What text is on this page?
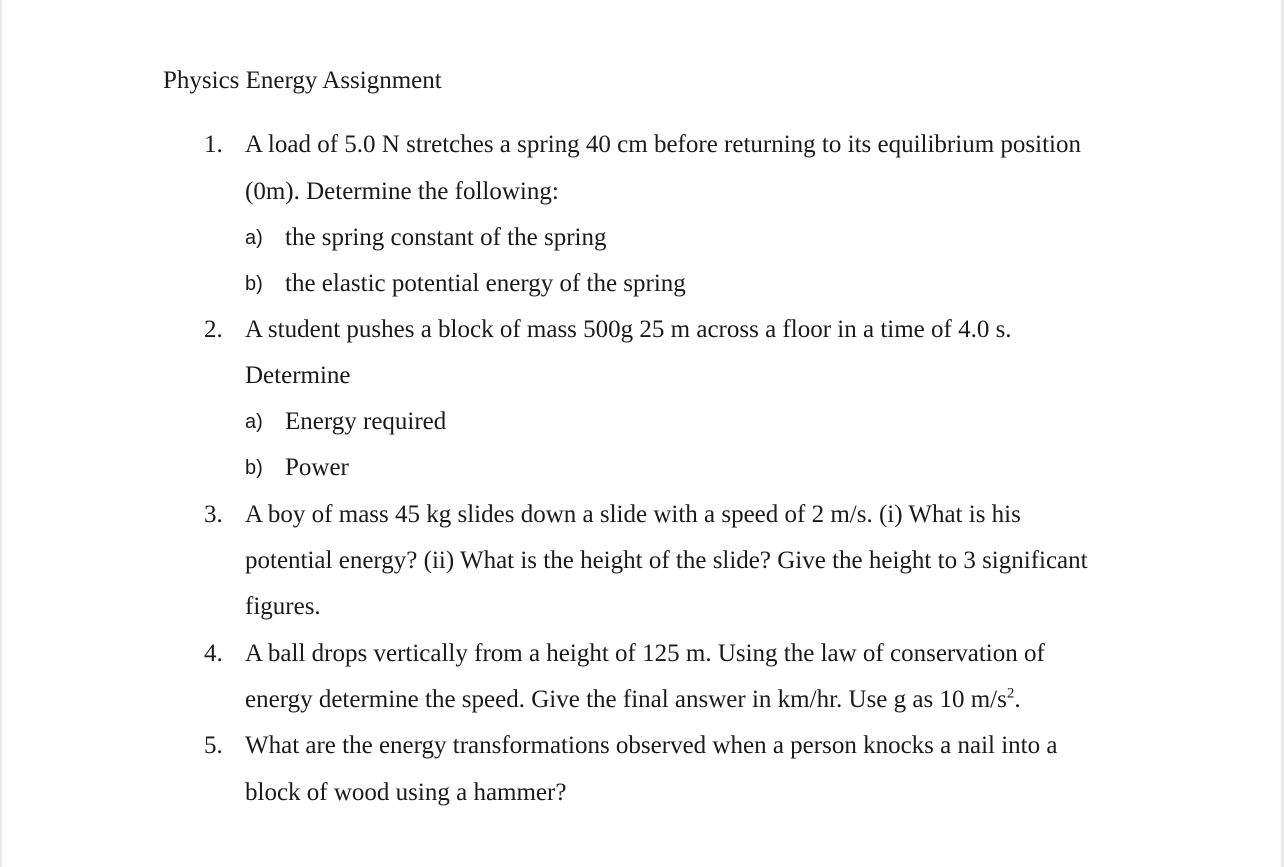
Physics Energy Assignment
1. A load of 5.0 N stretches a spring 40 cm before returning to its equilibrium position
(0m). Determine the following:
a) the spring constant of the spring
b) the elastic potential energy of the spring
2. A student pushes a block of mass 500g 25 m across a floor in a time of 4.0 s.
Determine
a) Energy required
b) Power
3. A boy of mass 45 kg slides down a slide with a speed of 2 m/s. (i) What is his
potential energy? (ii) What is the height of the slide? Give the height to 3 significant
figures.
4. A ball drops vertically from a height of 125 m. Using the law of conservation of
energy determine the speed. Give the final answer in km/hr. Use g as 10 $m/s^2$.
5. What are the energy transformations observed when a person knocks a nail into a
block of wood using a hammer?
